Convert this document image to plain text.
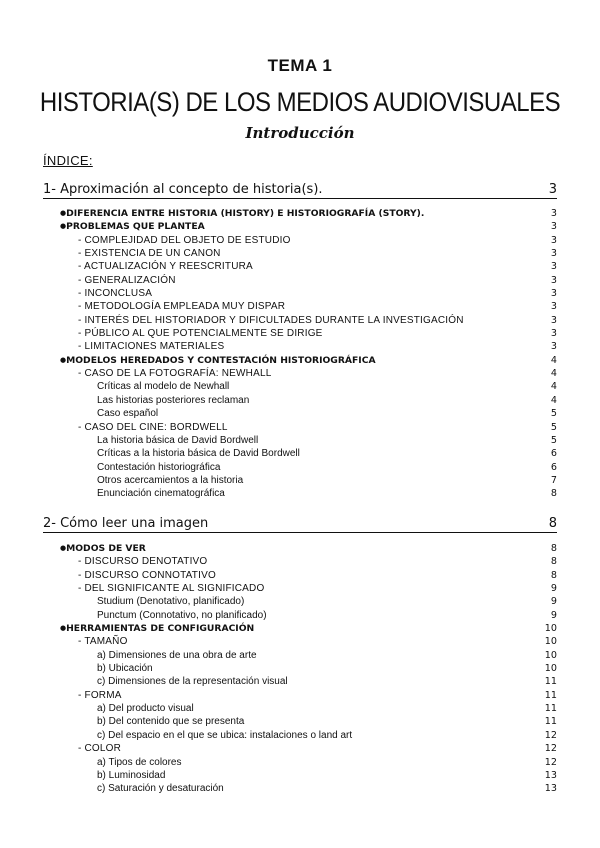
TEMA 1
HISTORIA(S) DE LOS MEDIOS AUDIOVISUALES
Introducción
ÍNDICE:
1- Aproximación al concepto de historia(s).	3
● DIFERENCIA ENTRE HISTORIA (HISTORY) E HISTORIOGRAFÍA (STORY).	3
● PROBLEMAS QUE PLANTEA	3
- COMPLEJIDAD DEL OBJETO DE ESTUDIO	3
- EXISTENCIA DE UN CANON	3
- ACTUALIZACIÓN Y REESCRITURA	3
- GENERALIZACIÓN	3
- INCONCLUSA	3
- METODOLOGÍA EMPLEADA MUY DISPAR	3
- INTERÉS DEL HISTORIADOR Y DIFICULTADES DURANTE LA INVESTIGACIÓN	3
- PÚBLICO AL QUE POTENCIALMENTE SE DIRIGE	3
- LIMITACIONES MATERIALES	3
● MODELOS HEREDADOS Y CONTESTACIÓN HISTORIOGRÁFICA	4
- CASO DE LA FOTOGRAFÍA: NEWHALL	4
Críticas al modelo de Newhall	4
Las historias posteriores reclaman	4
Caso español	5
- CASO DEL CINE: BORDWELL	5
La historia básica de David Bordwell	5
Críticas a la historia básica de David Bordwell	6
Contestación historiográfica	6
Otros acercamientos a la historia	7
Enunciación cinematográfica	8
2- Cómo leer una imagen	8
● MODOS DE VER	8
- DISCURSO DENOTATIVO	8
- DISCURSO CONNOTATIVO	8
- DEL SIGNIFICANTE AL SIGNIFICADO	9
Studium (Denotativo, planificado)	9
Punctum (Connotativo, no planificado)	9
● HERRAMIENTAS DE CONFIGURACIÓN	10
- TAMAÑO	10
a) Dimensiones de una obra de arte	10
b) Ubicación	10
c) Dimensiones de la representación visual	11
- FORMA	11
a) Del producto visual	11
b) Del contenido que se presenta	11
c) Del espacio en el que se ubica: instalaciones o land art	12
- COLOR	12
a) Tipos de colores	12
b) Luminosidad	13
c) Saturación y desaturación	13
